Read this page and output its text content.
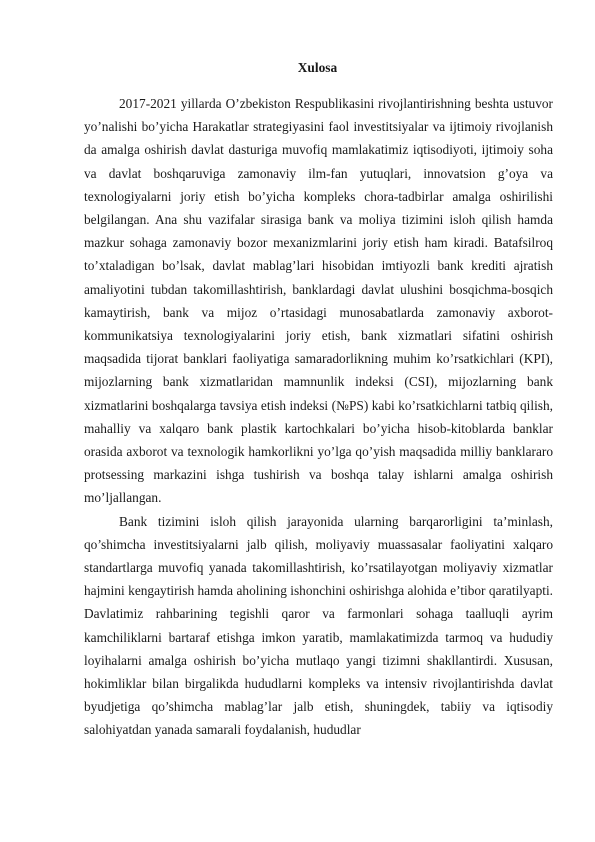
Xulosa

2017-2021 yillarda O’zbekiston Respublikasini rivojlantirishning beshta ustuvor yo’nalishi bo’yicha Harakatlar strategiyasini faol investitsiyalar va ijtimoiy rivojlanish da amalga oshirish davlat dasturiga muvofiq mamlakatimiz iqtisodiyoti, ijtimoiy soha va davlat boshqaruviga zamonaviy ilm-fan yutuqlari, innovatsion g’oya va texnologiyalarni joriy etish bo’yicha kompleks chora-tadbirlar amalga oshirilishi belgilangan. Ana shu vazifalar sirasiga bank va moliya tizimini isloh qilish hamda mazkur sohaga zamonaviy bozor mexanizmlarini joriy etish ham kiradi. Batafsilroq to’xtaladigan bo’lsak, davlat mablag’lari hisobidan imtiyozli bank krediti ajratish amaliyotini tubdan takomillashtirish, banklardagi davlat ulushini bosqichma-bosqich kamaytirish, bank va mijoz o’rtasidagi munosabatlarda zamonaviy axborot-kommunikatsiya texnologiyalarini joriy etish, bank xizmatlari sifatini oshirish maqsadida tijorat banklari faoliyatiga samaradorlikning muhim ko’rsatkichlari (KPI), mijozlarning bank xizmatlaridan mamnunlik indeksi (CSI), mijozlarning bank xizmatlarini boshqalarga tavsiya etish indeksi (№PS) kabi ko’rsatkichlarni tatbiq qilish, mahalliy va xalqaro bank plastik kartochkalari bo’yicha hisob-kitoblarda banklar orasida axborot va texnologik hamkorlikni yo’lga qo’yish maqsadida milliy banklararo protsessing markazini ishga tushirish va boshqa talay ishlarni amalga oshirish mo’ljallangan.

Bank tizimini isloh qilish jarayonida ularning barqarorligini ta’minlash, qo’shimcha investitsiyalarni jalb qilish, moliyaviy muassasalar faoliyatini xalqaro standartlarga muvofiq yanada takomillashtirish, ko’rsatilayotgan moliyaviy xizmatlar hajmini kengaytirish hamda aholining ishonchini oshirishga alohida e’tibor qaratilyapti. Davlatimiz rahbarining tegishli qaror va farmonlari sohaga taalluqli ayrim kamchiliklarni bartaraf etishga imkon yaratib, mamlakatimizda tarmoq va hududiy loyihalarni amalga oshirish bo’yicha mutlaqo yangi tizimni shakllantirdi. Xususan, hokimliklar bilan birgalikda hududlarni kompleks va intensiv rivojlantirishda davlat byudjetiga qo’shimcha mablag’lar jalb etish, shuningdek, tabiiy va iqtisodiy salohiyatdan yanada samarali foydalanish, hududlar
